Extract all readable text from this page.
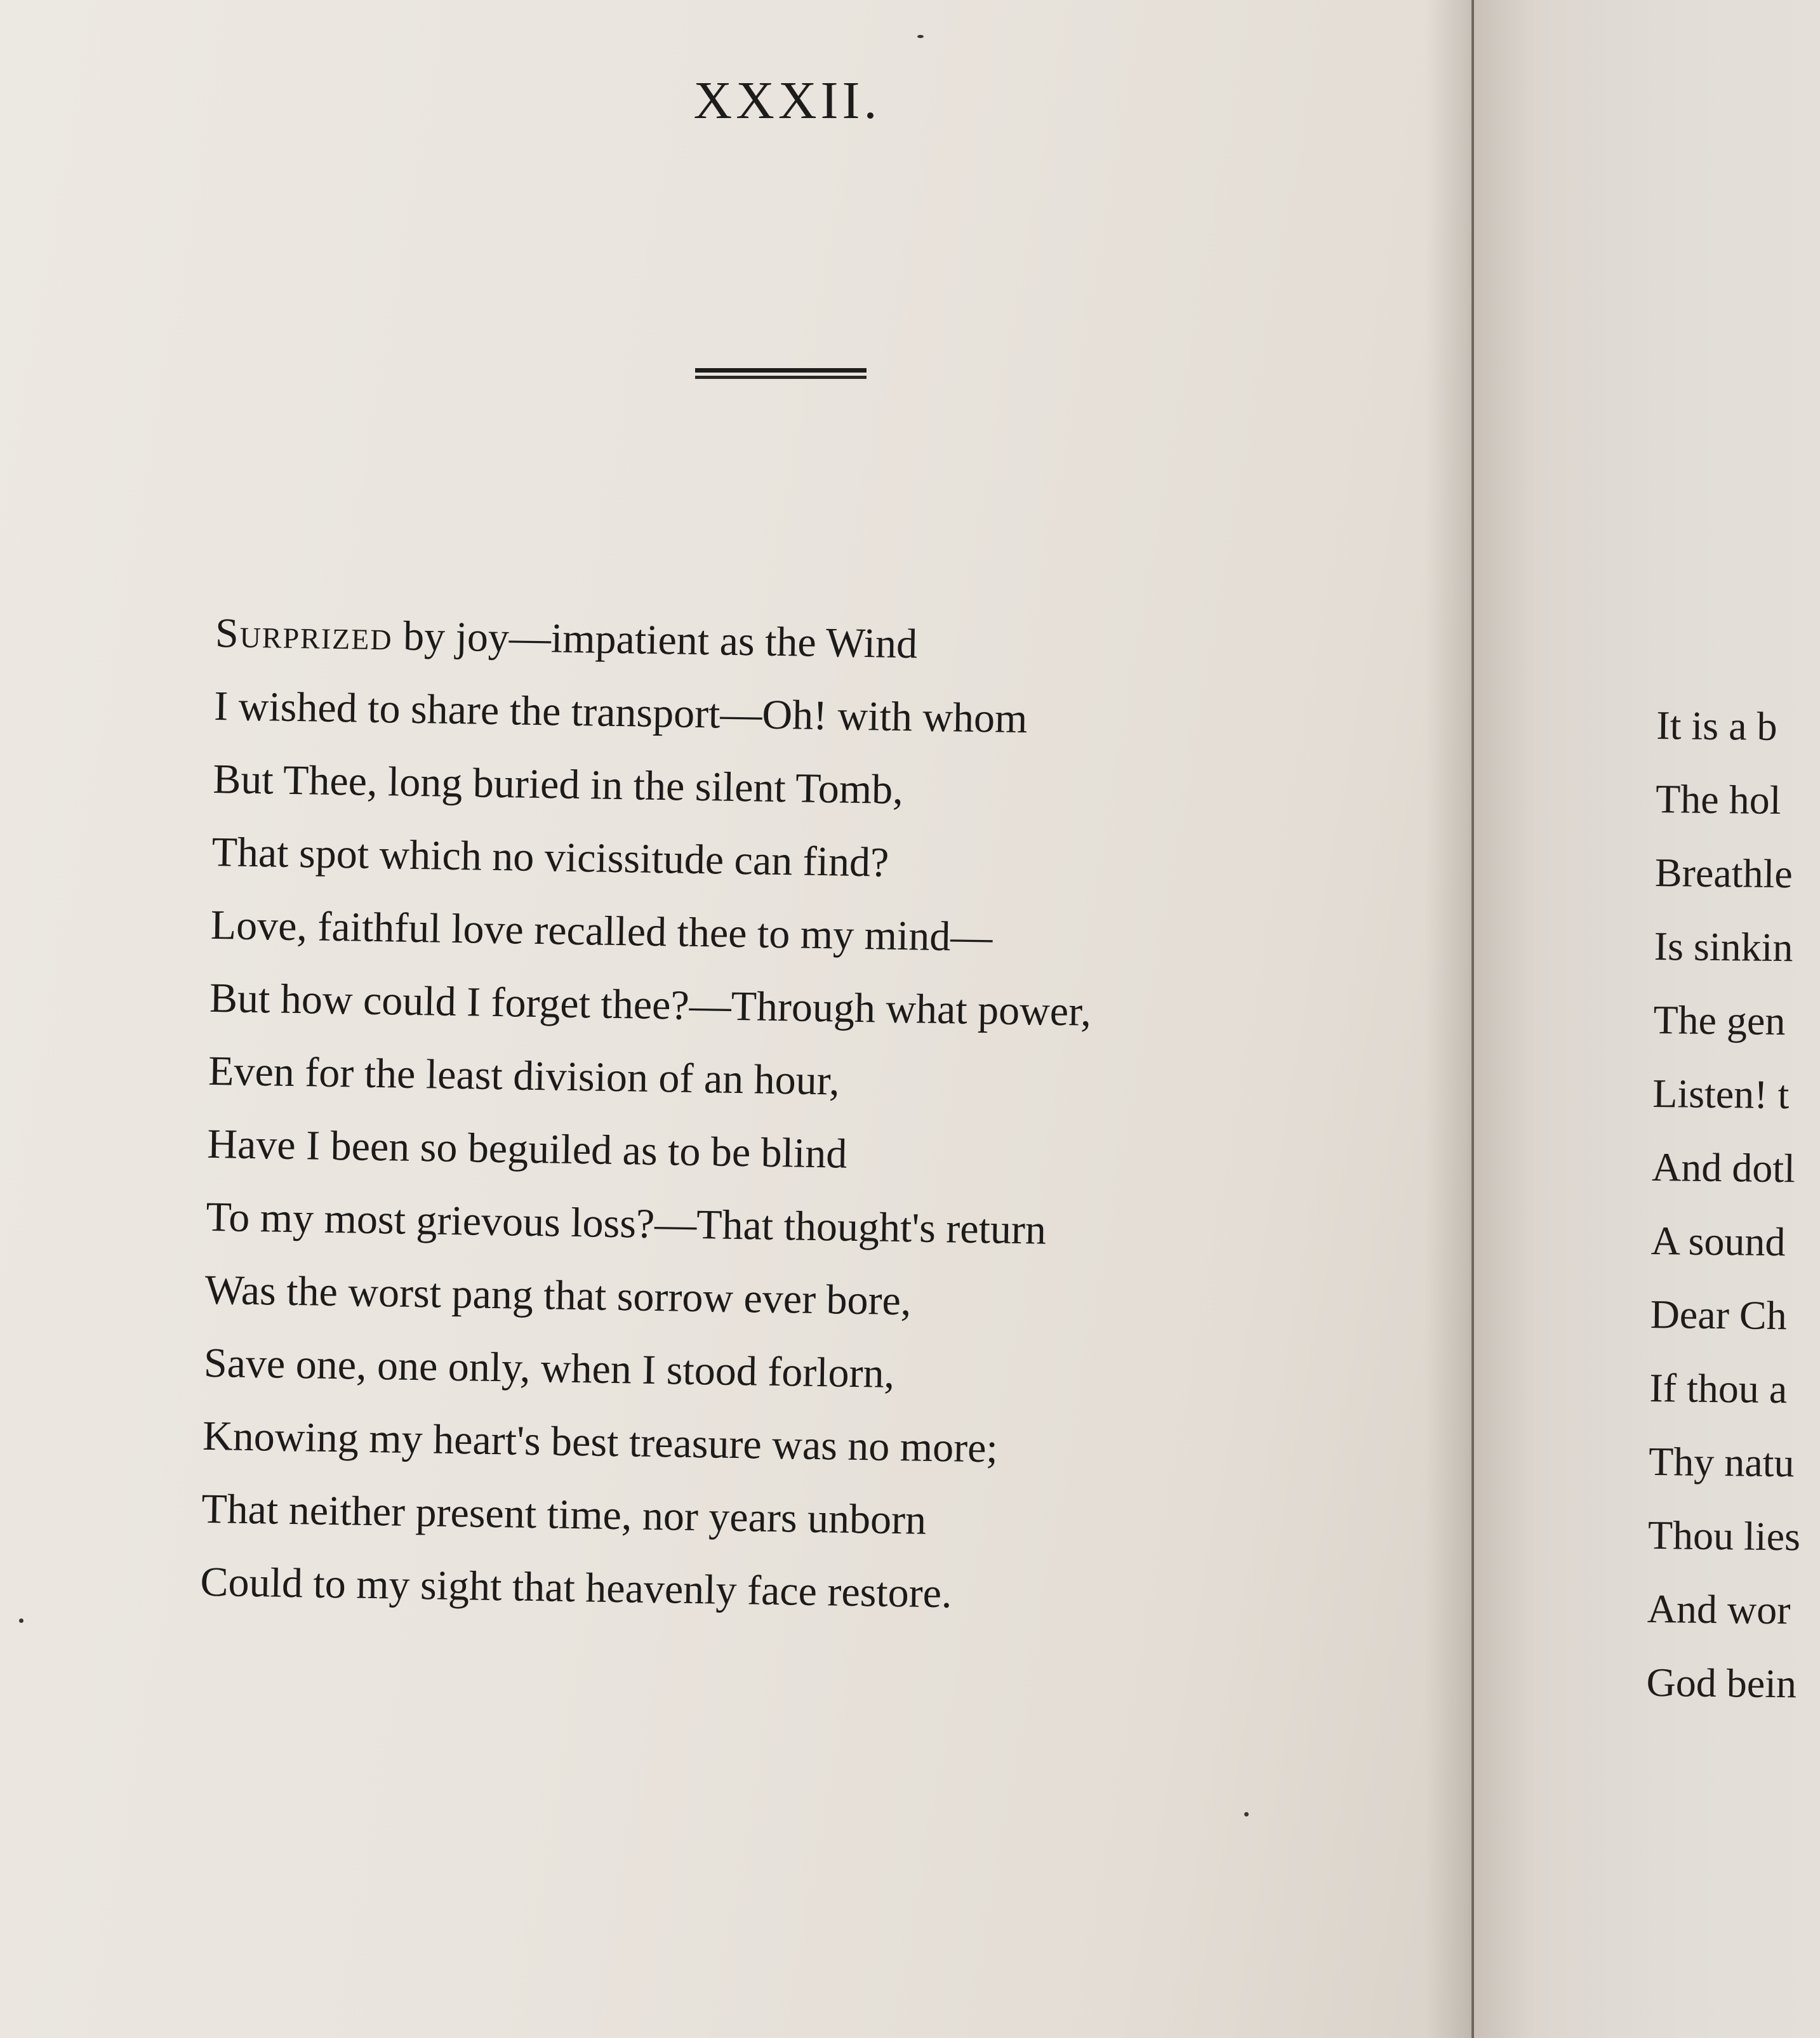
XXXII.
Surprized by joy—impatient as the Wind
I wished to share the transport—Oh! with whom
But Thee, long buried in the silent Tomb,
That spot which no vicissitude can find?
Love, faithful love recalled thee to my mind—
But how could I forget thee?—Through what power,
Even for the least division of an hour,
Have I been so beguiled as to be blind
To my most grievous loss?—That thought's return
Was the worst pang that sorrow ever bore,
Save one, one only, when I stood forlorn,
Knowing my heart's best treasure was no more;
That neither present time, nor years unborn
Could to my sight that heavenly face restore.
It is a b
The hol
Breathle
Is sinkin
The gen
Listen! t
And dotl
A sound
Dear Ch
If thou a
Thy natu
Thou lies
And wor
God bein
